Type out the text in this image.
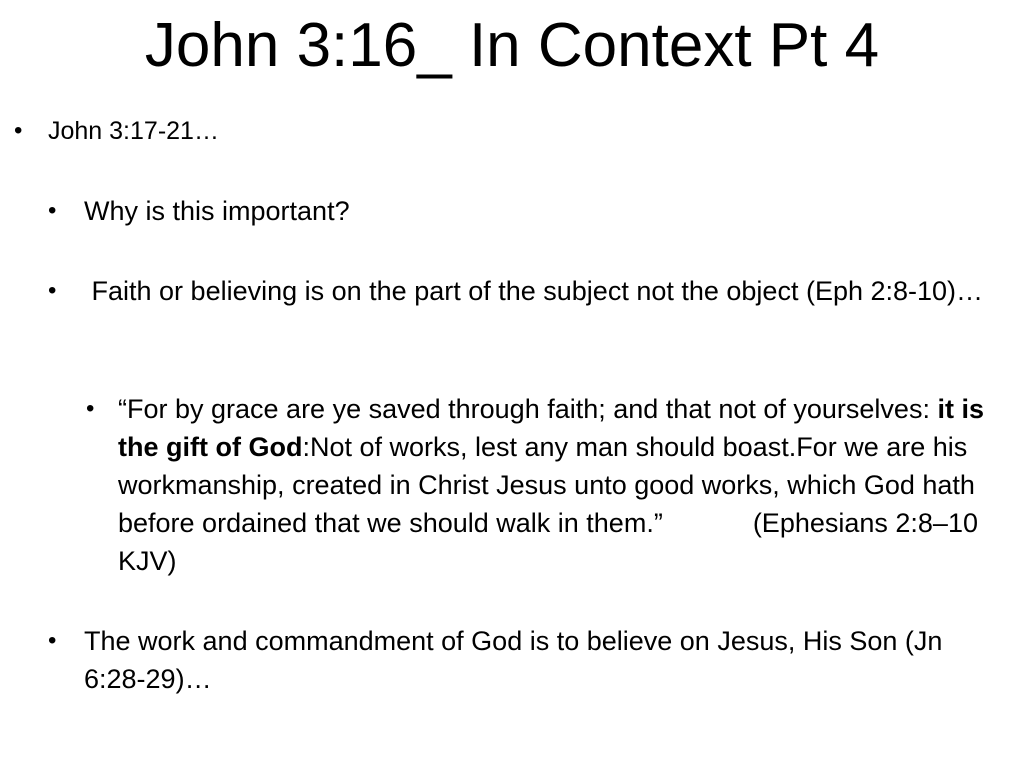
John 3:16_ In Context Pt 4
•	John 3:17-21…
•	Why is this important?
•	Faith or believing is on the part of the subject not the object (Eph 2:8-10)…
• “For by grace are ye saved through faith; and that not of yourselves: it is the gift of God:Not of works, lest any man should boast.For we are his workmanship, created in Christ Jesus unto good works, which God hath before ordained that we should walk in them.”	(Ephesians 2:8–10 KJV)
•	The work and commandment of God is to believe on Jesus, His Son (Jn 6:28-29)…
